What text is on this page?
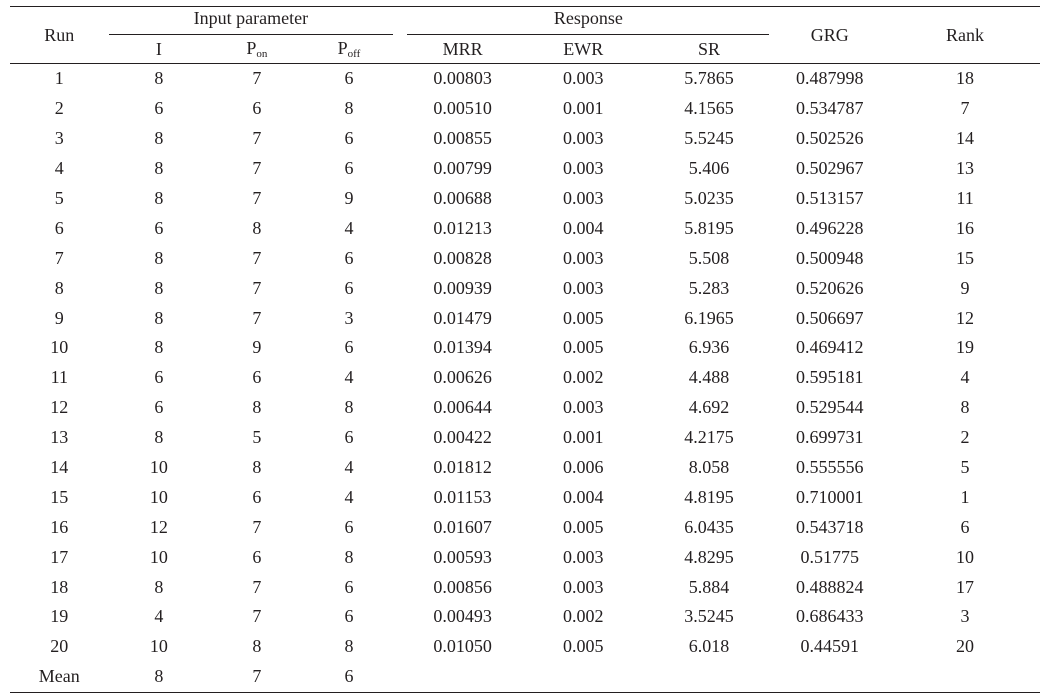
Run	Input parameter				Response			GRG	Rank
	I	$P_{on}$	$P_{off}$		MRR	EWR	SR		
1	8	7	6		0.00803	0.003	5.7865	0.487998	18
2	6	6	8		0.00510	0.001	4.1565	0.534787	7
3	8	7	6		0.00855	0.003	5.5245	0.502526	14
4	8	7	6		0.00799	0.003	5.406	0.502967	13
5	8	7	9		0.00688	0.003	5.0235	0.513157	11
6	6	8	4		0.01213	0.004	5.8195	0.496228	16
7	8	7	6		0.00828	0.003	5.508	0.500948	15
8	8	7	6		0.00939	0.003	5.283	0.520626	9
9	8	7	3		0.01479	0.005	6.1965	0.506697	12
10	8	9	6		0.01394	0.005	6.936	0.469412	19
11	6	6	4		0.00626	0.002	4.488	0.595181	4
12	6	8	8		0.00644	0.003	4.692	0.529544	8
13	8	5	6		0.00422	0.001	4.2175	0.699731	2
14	10	8	4		0.01812	0.006	8.058	0.555556	5
15	10	6	4		0.01153	0.004	4.8195	0.710001	1
16	12	7	6		0.01607	0.005	6.0435	0.543718	6
17	10	6	8		0.00593	0.003	4.8295	0.51775	10
18	8	7	6		0.00856	0.003	5.884	0.488824	17
19	4	7	6		0.00493	0.002	3.5245	0.686433	3
20	10	8	8		0.01050	0.005	6.018	0.44591	20
Mean	8	7	6						
